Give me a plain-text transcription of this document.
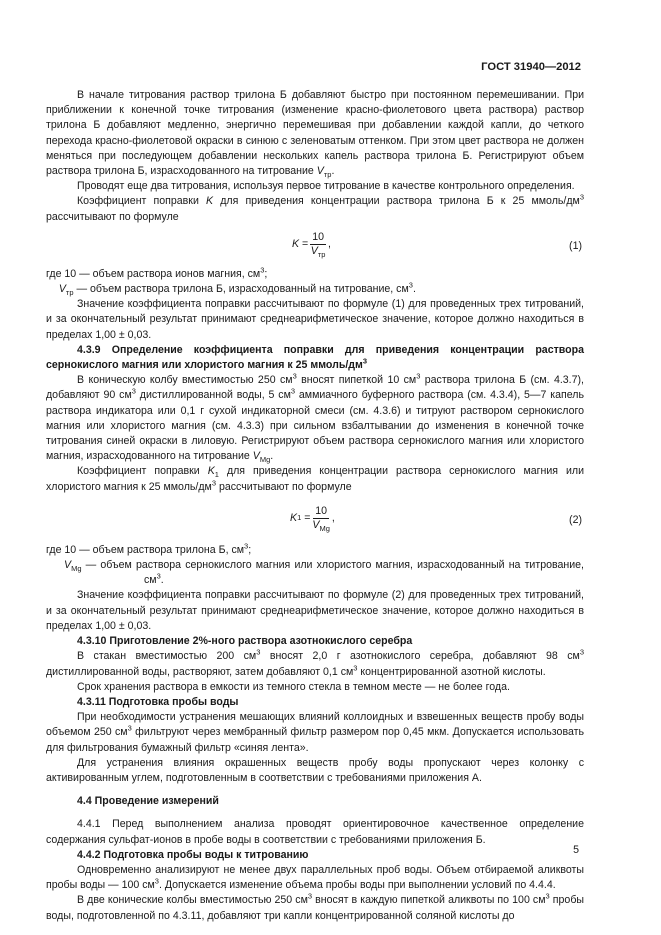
ГОСТ 31940—2012

В начале титрования раствор трилона Б добавляют быстро при постоянном перемешивании. При приближении к конечной точке титрования (изменение красно-фиолетового цвета раствора) раствор трилона Б добавляют медленно, энергично перемешивая при добавлении каждой капли, до четкого перехода красно-фиолетовой окраски в синюю с зеленоватым оттенком. При этом цвет раствора не должен меняться при последующем добавлении нескольких капель раствора трилона Б. Регистрируют объем раствора трилона Б, израсходованного на титрование $V_{тр}$.

Проводят еще два титрования, используя первое титрование в качестве контрольного определения.

Коэффициент поправки K для приведения концентрации раствора трилона Б к 25 ммоль/$дм^3$ рассчитывают по формуле

K
= $\frac{10}{V_{тр}}$ ,	(1)

где 10 — объем раствора ионов магния, $см^3$;

$V_{тр}$ — объем раствора трилона Б, израсходованный на титрование, $см^3$.

Значение коэффициента поправки рассчитывают по формуле (1) для проведенных трех титрований, и за окончательный результат принимают среднеарифметическое значение, которое должно находиться в пределах 1,00 ± 0,03.

4.3.9 Определение коэффициента поправки для приведения концентрации раствора сернокислого магния или хлористого магния к 25 ммоль/$дм^3$

В коническую колбу вместимостью 250 $см^3$ вносят пипеткой 10 $см^3$ раствора трилона Б (см. 4.3.7), добавляют 90 $см^3$ дистиллированной воды, 5 $см^3$ аммиачного буферного раствора (см. 4.3.4), 5—7 капель раствора индикатора или 0,1 г сухой индикаторной смеси (см. 4.3.6) и титруют раствором сернокислого магния или хлористого магния (см. 4.3.3) при сильном взбалтывании до изменения в конечной точке титрования синей окраски в лиловую. Регистрируют объем раствора сернокислого магния или хлористого магния, израсходованного на титрование $V_{Mg}$.

Коэффициент поправки $K_1$ для приведения концентрации раствора сернокислого магния или хлористого магния к 25 ммоль/$дм^3$ рассчитывают по формуле

K 1
= $\frac{10}{V_{Mg}}$ ,	(2)

где 10 — объем раствора трилона Б, $см^3$;

$V_{Mg}$ — объем раствора сернокислого магния или хлористого магния, израсходованный на титрование, $см^3$.

Значение коэффициента поправки рассчитывают по формуле (2) для проведенных трех титрований, и за окончательный результат принимают среднеарифметическое значение, которое должно находиться в пределах 1,00 ± 0,03.

4.3.10 Приготовление 2%-ного раствора азотнокислого серебра

В стакан вместимостью 200 $см^3$ вносят 2,0 г азотнокислого серебра, добавляют 98 $см^3$ дистиллированной воды, растворяют, затем добавляют 0,1 $см^3$ концентрированной азотной кислоты.

Срок хранения раствора в емкости из темного стекла в темном месте — не более года.

4.3.11 Подготовка пробы воды

При необходимости устранения мешающих влияний коллоидных и взвешенных веществ пробу воды объемом 250 $см^3$ фильтруют через мембранный фильтр размером пор 0,45 мкм. Допускается использовать для фильтрования бумажный фильтр «синяя лента».

Для устранения влияния окрашенных веществ пробу воды пропускают через колонку с активированным углем, подготовленным в соответствии с требованиями приложения А.

4.4 Проведение измерений

4.4.1 Перед выполнением анализа проводят ориентировочное качественное определение содержания сульфат-ионов в пробе воды в соответствии с требованиями приложения Б.

4.4.2 Подготовка пробы воды к титрованию

Одновременно анализируют не менее двух параллельных проб воды. Объем отбираемой аликвоты пробы воды — 100 $см^3$. Допускается изменение объема пробы воды при выполнении условий по 4.4.4.

В две конические колбы вместимостью 250 $см^3$ вносят в каждую пипеткой аликвоты по 100 $см^3$ пробы воды, подготовленной по 4.3.11, добавляют три капли концентрированной соляной кислоты до

5
